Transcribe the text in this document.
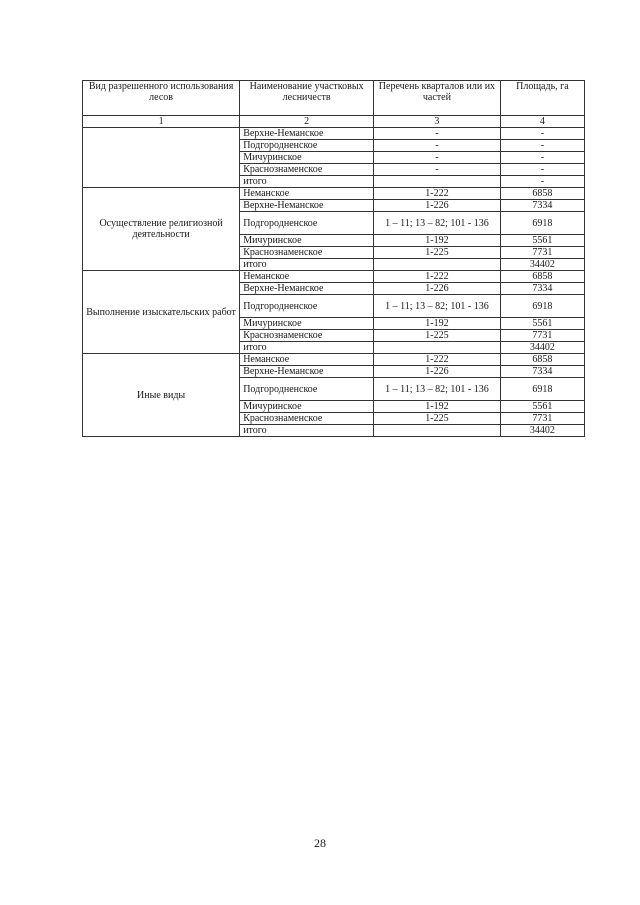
Вид разрешенного использования лесов	Наименование участковых лесничеств	Перечень кварталов или их частей	Площадь, га
1	2	3	4
	Верхне-Неманское	-	-
	Подгородненское	-	-
	Мичуринское	-	-
	Краснознаменское	-	-
	итого		-
Осуществление религиозной деятельности	Неманское	1-222	6858
	Верхне-Неманское	1-226	7334
	Подгородненское	1 – 11; 13 – 82; 101 - 136	6918
	Мичуринское	1-192	5561
	Краснознаменское	1-225	7731
	итого		34402
Выполнение изыскательских работ	Неманское	1-222	6858
	Верхне-Неманское	1-226	7334
	Подгородненское	1 – 11; 13 – 82; 101 - 136	6918
	Мичуринское	1-192	5561
	Краснознаменское	1-225	7731
	итого		34402
Иные виды	Неманское	1-222	6858
	Верхне-Неманское	1-226	7334
	Подгородненское	1 – 11; 13 – 82; 101 - 136	6918
	Мичуринское	1-192	5561
	Краснознаменское	1-225	7731
	итого		34402
28
